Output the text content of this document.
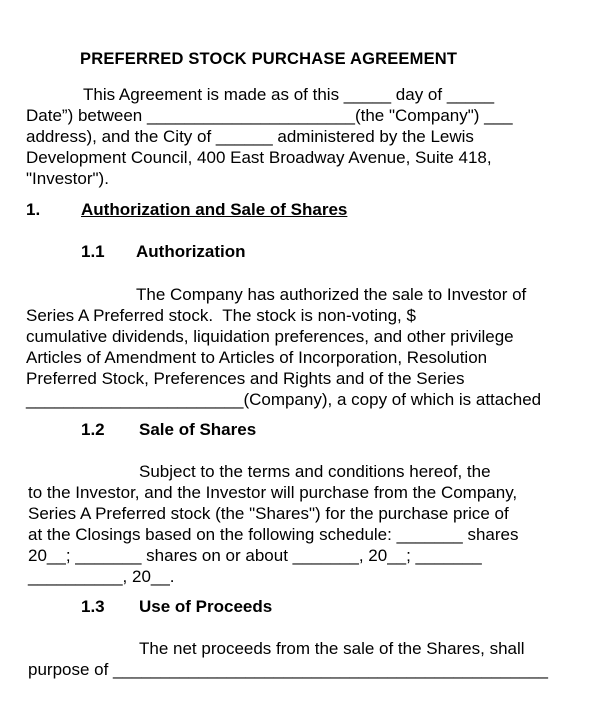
PREFERRED STOCK PURCHASE AGREEMENT
This Agreement is made as of this _____ day of _____
Date”) between ______________________(the "Company") ___
address), and the City of ______ administered by the Lewis
Development Council, 400 East Broadway Avenue, Suite 418,
"Investor").
1. Authorization and Sale of Shares
1.1 Authorization
The Company has authorized the sale to Investor of
Series A Preferred stock.  The stock is non-voting, $
cumulative dividends, liquidation preferences, and other privilege
Articles of Amendment to Articles of Incorporation, Resolution
Preferred Stock, Preferences and Rights and of the Series
_______________________(Company), a copy of which is attached
1.2 Sale of Shares
Subject to the terms and conditions hereof, the
to the Investor, and the Investor will purchase from the Company,
Series A Preferred stock (the "Shares") for the purchase price of
at the Closings based on the following schedule: _______ shares
20__; _______ shares on or about _______, 20__; _______
__________, 20__.
1.3 Use of Proceeds
The net proceeds from the sale of the Shares, shall
purpose of ______________________________________________
